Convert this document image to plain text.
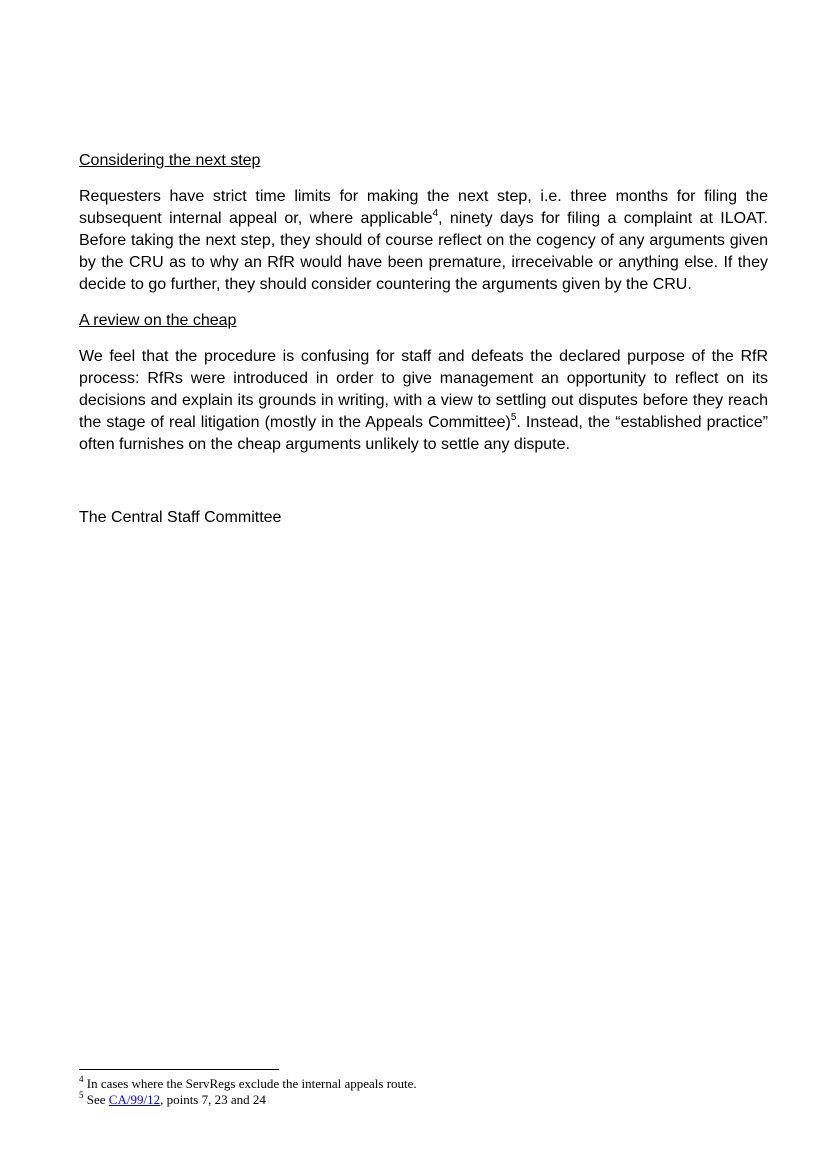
Considering the next step

Requesters have strict time limits for making the next step, i.e. three months for filing the subsequent internal appeal or, where applicable$^4$, ninety days for filing a complaint at ILOAT. Before taking the next step, they should of course reflect on the cogency of any arguments given by the CRU as to why an RfR would have been premature, irreceivable or anything else. If they decide to go further, they should consider countering the arguments given by the CRU.

A review on the cheap

We feel that the procedure is confusing for staff and defeats the declared purpose of the RfR process: RfRs were introduced in order to give management an opportunity to reflect on its decisions and explain its grounds in writing, with a view to settling out disputes before they reach the stage of real litigation (mostly in the Appeals Committee)$^5$. Instead, the “established practice” often furnishes on the cheap arguments unlikely to settle any dispute.

The Central Staff Committee

$^4$ In cases where the ServRegs exclude the internal appeals route.

$^5$ See CA/99/12, points 7, 23 and 24
